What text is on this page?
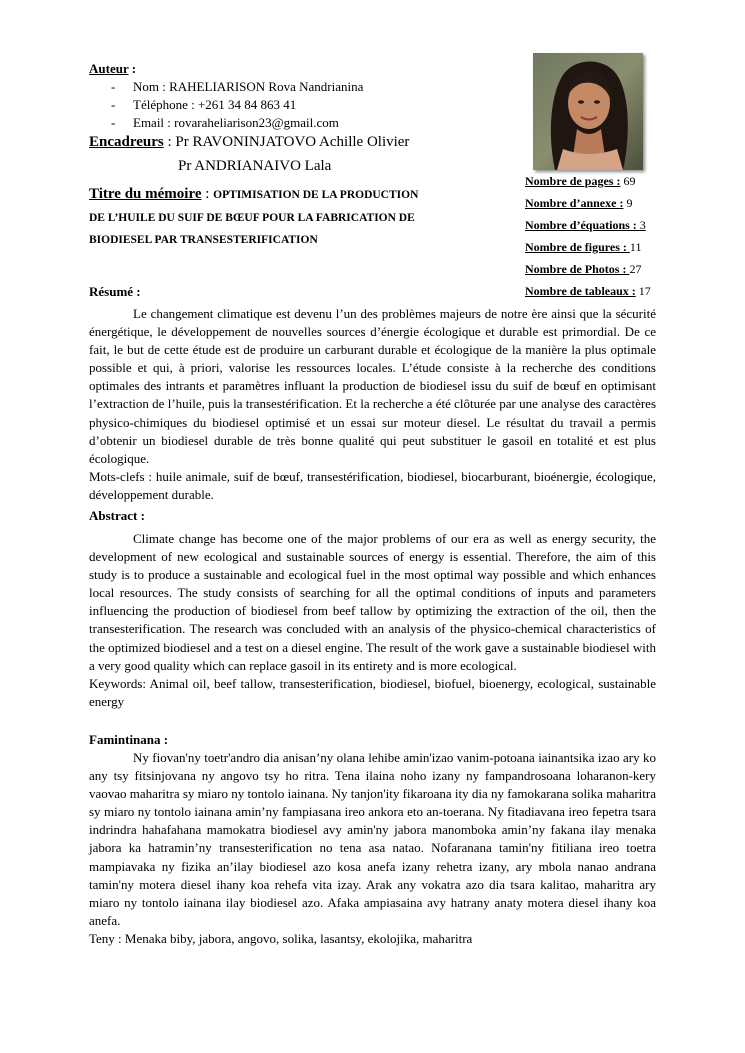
Auteur :
- Nom : RAHELIARISON Rova Nandrianina
- Téléphone : +261 34 84 863 41
- Email : rovaraheliarison23@gmail.com
Encadreurs : Pr RAVONINJATOVO Achille Olivier
Pr ANDRIANAIVO Lala
Titre du mémoire : OPTIMISATION DE LA PRODUCTION
DE L’HUILE DU SUIF DE BŒUF POUR LA FABRICATION DE
BIODIESEL PAR TRANSESTERIFICATION
Nombre de pages : 69
Nombre d’annexe : 9
Nombre d’équations : 3
Nombre de figures : 11
Nombre de Photos : 27
Nombre de tableaux : 17
Résumé :

Le changement climatique est devenu l’un des problèmes majeurs de notre ère ainsi que la sécurité énergétique, le développement de nouvelles sources d’énergie écologique et durable est primordial. De ce fait, le but de cette étude est de produire un carburant durable et écologique de la manière la plus optimale possible et qui, à priori, valorise les ressources locales. L’étude consiste à la recherche des conditions optimales des intrants et paramètres influant la production de biodiesel issu du suif de bœuf en optimisant l’extraction de l’huile, puis la transestérification. Et la recherche a été clôturée par une analyse des caractères physico-chimiques du biodiesel optimisé et un essai sur moteur diesel. Le résultat du travail a permis d’obtenir un biodiesel durable de très bonne qualité qui peut substituer le gasoil en totalité et est plus écologique.

Mots-clefs : huile animale, suif de bœuf, transestérification, biodiesel, biocarburant, bioénergie, écologique, développement durable.

Abstract :

Climate change has become one of the major problems of our era as well as energy security, the development of new ecological and sustainable sources of energy is essential. Therefore, the aim of this study is to produce a sustainable and ecological fuel in the most optimal way possible and which enhances local resources. The study consists of searching for all the optimal conditions of inputs and parameters influencing the production of biodiesel from beef tallow by optimizing the extraction of the oil, then the transesterification. The research was concluded with an analysis of the physico-chemical characteristics of the optimized biodiesel and a test on a diesel engine. The result of the work gave a sustainable biodiesel with a very good quality which can replace gasoil in its entirety and is more ecological.

Keywords: Animal oil, beef tallow, transesterification, biodiesel, biofuel, bioenergy, ecological, sustainable energy

Famintinana :

Ny fiovan'ny toetr'andro dia anisan’ny olana lehibe amin'izao vanim-potoana iainantsika izao ary ko any tsy fitsinjovana ny angovo tsy ho ritra. Tena ilaina noho izany ny fampandrosoana loharanon-kery vaovao maharitra sy miaro ny tontolo iainana. Ny tanjon'ity fikaroana ity dia ny famokarana solika maharitra sy miaro ny tontolo iainana amin’ny fampiasana ireo ankora eto an-toerana. Ny fitadiavana ireo fepetra tsara indrindra hahafahana mamokatra biodiesel avy amin'ny jabora manomboka amin’ny fakana ilay menaka jabora ka hatramin’ny transesterification no tena asa natao. Nofaranana tamin'ny fitiliana ireo toetra mampiavaka ny fizika an’ilay biodiesel azo kosa anefa izany rehetra izany, ary mbola nanao andrana tamin'ny motera diesel ihany koa rehefa vita izay. Arak any vokatra azo dia tsara kalitao, maharitra ary miaro ny tontolo iainana ilay biodiesel azo. Afaka ampiasaina avy hatrany anaty motera diesel ihany koa anefa.

Teny : Menaka biby, jabora, angovo, solika, lasantsy, ekolojika, maharitra
